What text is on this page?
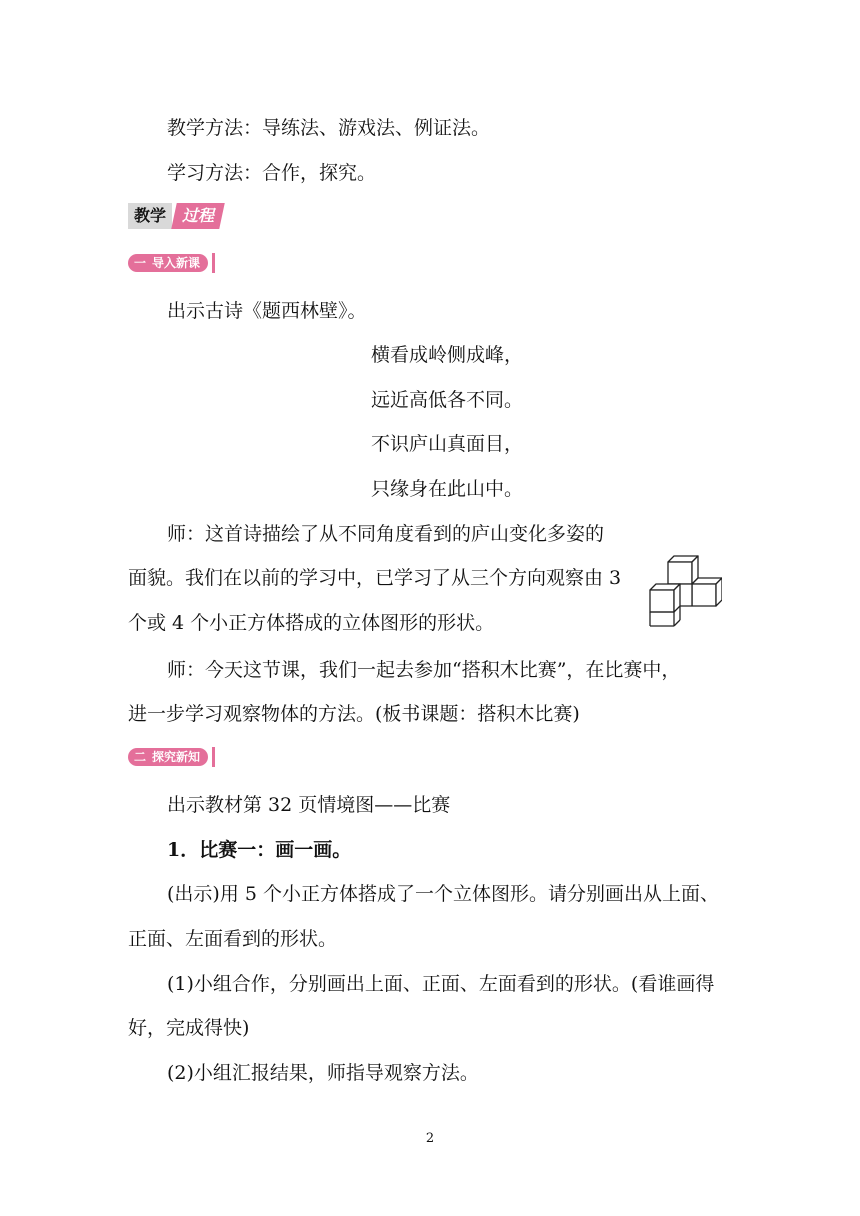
教学方法：导练法、游戏法、例证法。
学习方法：合作，探究。
教学	过程
一 导入新课
出示古诗《题西林壁》。
横看成岭侧成峰，
远近高低各不同。
不识庐山真面目，
只缘身在此山中。
师：这首诗描绘了从不同角度看到的庐山变化多姿的
面貌。我们在以前的学习中，已学习了从三个方向观察由 3
个或 4 个小正方体搭成的立体图形的形状。
师：今天这节课，我们一起去参加“搭积木比赛”，在比赛中，
进一步学习观察物体的方法。(板书课题：搭积木比赛)
二 探究新知
出示教材第 32 页情境图——比赛
1．比赛一：画一画。
(出示)用 5 个小正方体搭成了一个立体图形。请分别画出从上面、
正面、左面看到的形状。
(1)小组合作，分别画出上面、正面、左面看到的形状。(看谁画得
好，完成得快)
(2)小组汇报结果，师指导观察方法。
2
